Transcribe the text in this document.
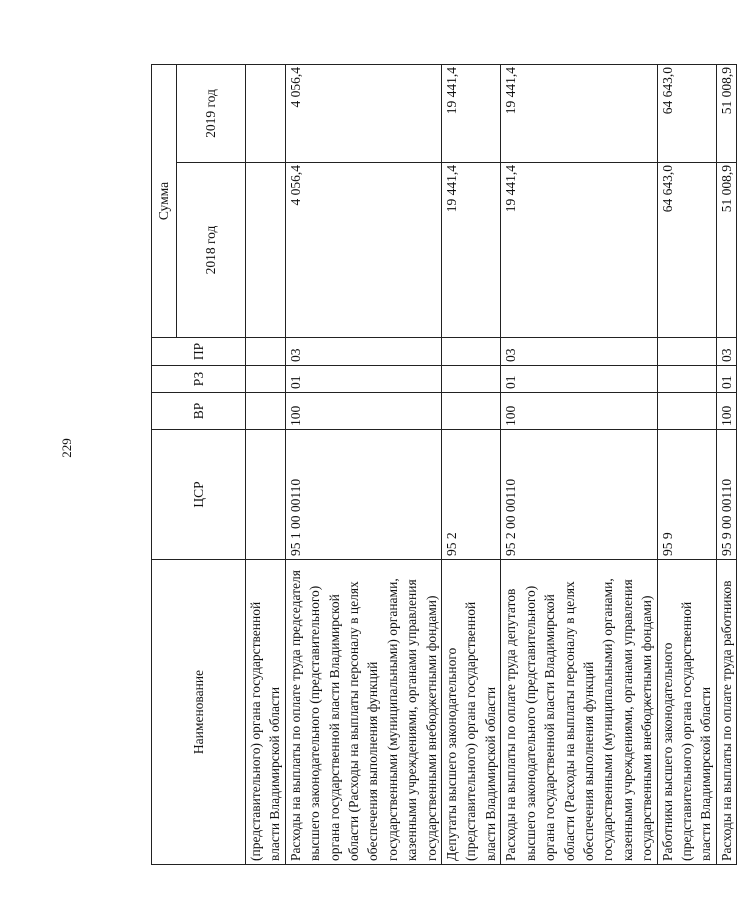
229
Наименование	ЦСР	ВР	РЗ	ПР	Сумма	
					2018 год	2019 год
(представительного) органа государственной власти Владимирской области						
Расходы на выплаты по оплате труда председателя высшего законодательного (представительного) органа государственной власти Владимирской области (Расходы на выплаты персоналу в целях обеспечения выполнения функций государственными (муниципальными) органами, казенными учреждениями, органами управления государственными внебюджетными фондами)	95 1 00 00110	100	01	03	4 056,4	4 056,4
Депутаты высшего законодательного (представительного) органа государственной власти Владимирской области	95 2				19 441,4	19 441,4
Расходы на выплаты по оплате труда депутатов высшего законодательного (представительного) органа государственной власти Владимирской области (Расходы на выплаты персоналу в целях обеспечения выполнения функций государственными (муниципальными) органами, казенными учреждениями, органами управления государственными внебюджетными фондами)	95 2 00 00110	100	01	03	19 441,4	19 441,4
Работники высшего законодательного (представительного) органа государственной власти Владимирской области	95 9				64 643,0	64 643,0
Расходы на выплаты по оплате труда работников	95 9 00 00110	100	01	03	51 008,9	51 008,9
